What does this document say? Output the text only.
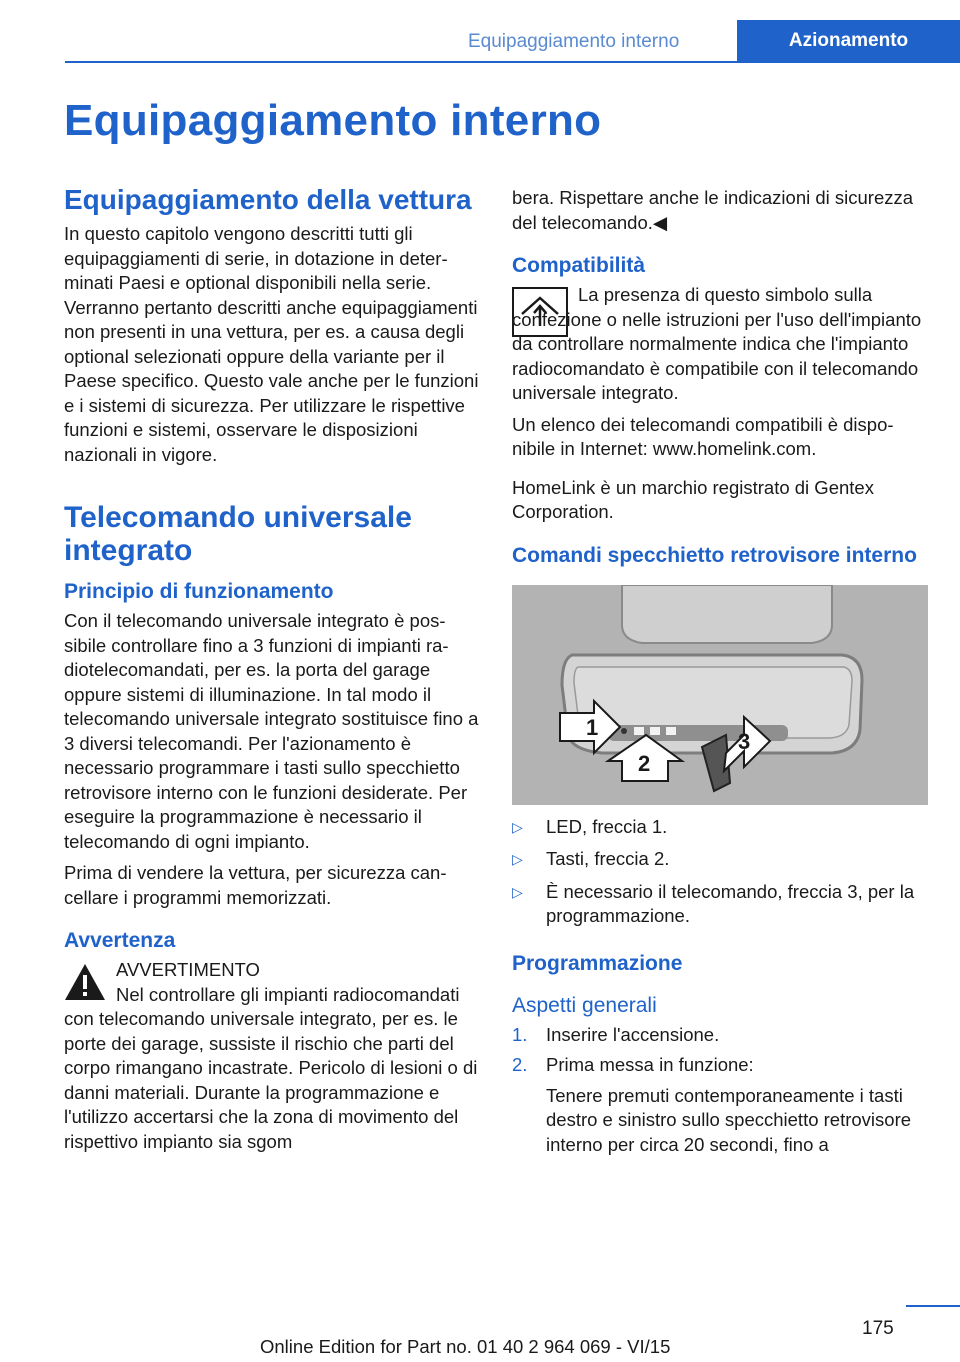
Equipaggiamento interno	Azionamento
Equipaggiamento interno
Equipaggiamento della vettura

In questo capitolo vengono descritti tutti gli equipaggiamenti di serie, in dotazione in determinati Paesi e optional disponibili nella serie. Verranno pertanto descritti anche equipaggiamenti non presenti in una vettura, per es. a causa degli optional selezionati oppure della variante per il Paese specifico. Questo vale anche per le funzioni e i sistemi di sicurezza. Per utilizzare le rispettive funzioni e sistemi, osservare le disposizioni nazionali in vigore.

Telecomando universale integrato
Principio di funzionamento

Con il telecomando universale integrato è possibile controllare fino a 3 funzioni di impianti radiotelecomandati, per es. la porta del garage oppure sistemi di illuminazione. In tal modo il telecomando universale integrato sostituisce fino a 3 diversi telecomandi. Per l'azionamento è necessario programmare i tasti sullo specchietto retrovisore interno con le funzioni desiderate. Per eseguire la programmazione è necessario il telecomando di ogni impianto.

Prima di vendere la vettura, per sicurezza cancellare i programmi memorizzati.

Avvertenza

AVVERTIMENTO

Nel controllare gli impianti radiocomandati con telecomando universale integrato, per es. le porte dei garage, sussiste il rischio che parti del corpo rimangano incastrate. Pericolo di lesioni o di danni materiali. Durante la programmazione e l'utilizzo accertarsi che la zona di movimento del rispettivo impianto sia sgom

bera. Rispettare anche le indicazioni di sicurezza del telecomando.◀

Compatibilità

La presenza di questo simbolo sulla confezione o nelle istruzioni per l'uso dell'impianto da controllare normalmente indica che l'impianto radiocomandato è compatibile con il telecomando universale integrato.

Un elenco dei telecomandi compatibili è disponibile in Internet: www.homelink.com.

HomeLink è un marchio registrato di Gentex Corporation.

Comandi specchietto retrovisore interno
1
2
3
▷ LED, freccia 1.
▷ Tasti, freccia 2.
▷ È necessario il telecomando, freccia 3, per la programmazione.
Programmazione
Aspetti generali
1. Inserire l'accensione.
2. Prima messa in funzione:
Tenere premuti contemporaneamente i tasti destro e sinistro sullo specchietto retrovisore interno per circa 20 secondi, fino a
175
Online Edition for Part no. 01 40 2 964 069 - VI/15
